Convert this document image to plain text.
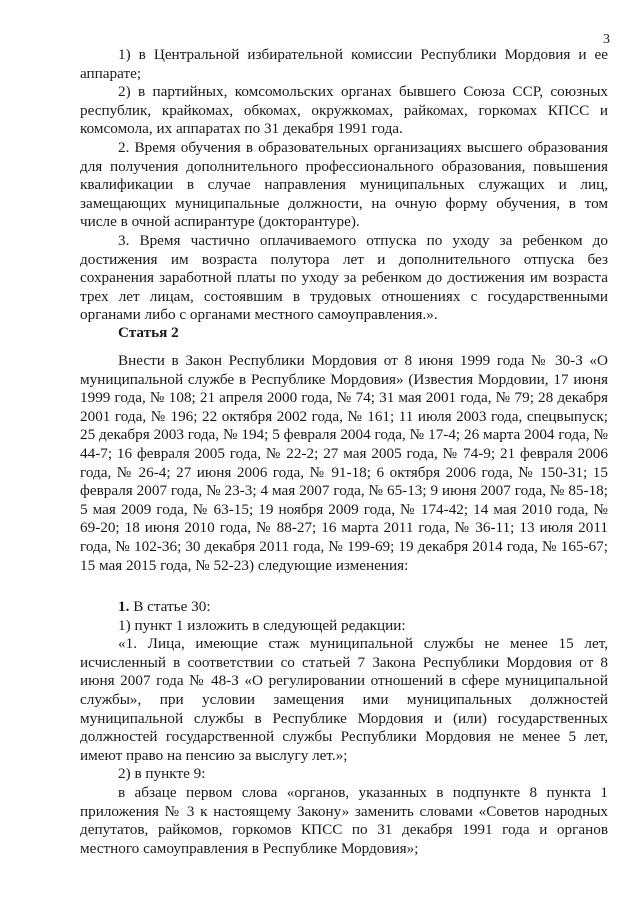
3

1) в Центральной избирательной комиссии Республики Мордовия и ее аппарате;

2) в партийных, комсомольских органах бывшего Союза ССР, союзных республик, крайкомах, обкомах, окружкомах, райкомах, горкомах КПСС и комсомола, их аппаратах по 31 декабря 1991 года.

2. Время обучения в образовательных организациях высшего образования для получения дополнительного профессионального образования, повышения квалификации в случае направления муниципальных служащих и лиц, замещающих муниципальные должности, на очную форму обучения, в том числе в очной аспирантуре (докторантуре).

3. Время частично оплачиваемого отпуска по уходу за ребенком до достижения им возраста полутора лет и дополнительного отпуска без сохранения заработной платы по уходу за ребенком до достижения им возраста трех лет лицам, состоявшим в трудовых отношениях с государственными органами либо с органами местного самоуправления.».

Статья 2

Внести в Закон Республики Мордовия от 8 июня 1999 года № 30-З «О муниципальной службе в Республике Мордовия» (Известия Мордовии, 17 июня 1999 года, № 108; 21 апреля 2000 года, № 74; 31 мая 2001 года, № 79; 28 декабря 2001 года, № 196; 22 октября 2002 года, № 161; 11 июля 2003 года, спецвыпуск; 25 декабря 2003 года, № 194; 5 февраля 2004 года, № 17-4; 26 марта 2004 года, № 44-7; 16 февраля 2005 года, № 22-2; 27 мая 2005 года, № 74-9; 21 февраля 2006 года, № 26-4; 27 июня 2006 года, № 91-18; 6 октября 2006 года, № 150-31; 15 февраля 2007 года, № 23-3; 4 мая 2007 года, № 65-13; 9 июня 2007 года, № 85-18; 5 мая 2009 года, № 63-15; 19 ноября 2009 года, № 174-42; 14 мая 2010 года, № 69-20; 18 июня 2010 года, № 88-27; 16 марта 2011 года, № 36-11; 13 июля 2011 года, № 102-36; 30 декабря 2011 года, № 199-69; 19 декабря 2014 года, № 165-67; 15 мая 2015 года, № 52-23) следующие изменения:

1. В статье 30:

1) пункт 1 изложить в следующей редакции:

«1. Лица, имеющие стаж муниципальной службы не менее 15 лет, исчисленный в соответствии со статьей 7 Закона Республики Мордовия от 8 июня 2007 года № 48-З «О регулировании отношений в сфере муниципальной службы», при условии замещения ими муниципальных должностей муниципальной службы в Республике Мордовия и (или) государственных должностей государственной службы Республики Мордовия не менее 5 лет, имеют право на пенсию за выслугу лет.»;

2) в пункте 9:

в абзаце первом слова «органов, указанных в подпункте 8 пункта 1 приложения № 3 к настоящему Закону» заменить словами «Советов народных депутатов, райкомов, горкомов КПСС по 31 декабря 1991 года и органов местного самоуправления в Республике Мордовия»;
